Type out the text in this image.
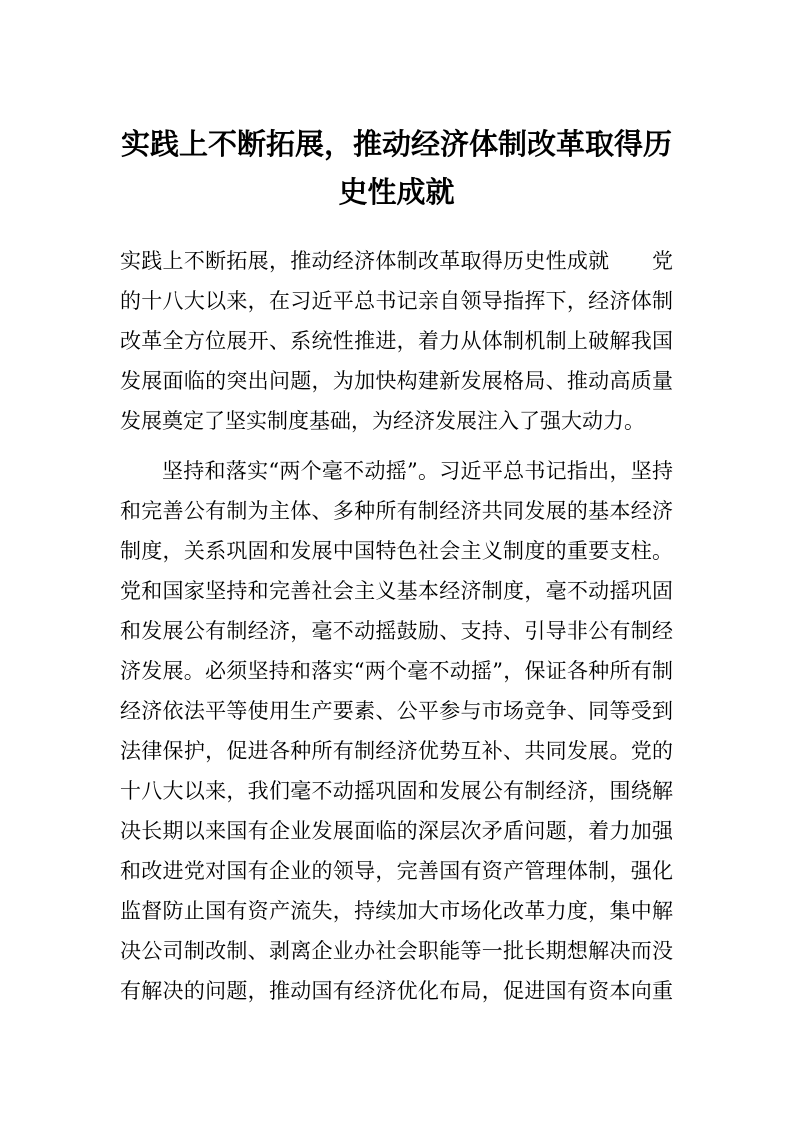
实践上不断拓展，推动经济体制改革取得历
史性成就
实践上不断拓展，推动经济体制改革取得历史性成就　　党
的十八大以来，在习近平总书记亲自领导指挥下，经济体制
改革全方位展开、系统性推进，着力从体制机制上破解我国
发展面临的突出问题，为加快构建新发展格局、推动高质量
发展奠定了坚实制度基础，为经济发展注入了强大动力。
坚持和落实“两个毫不动摇”。习近平总书记指出，坚持
和完善公有制为主体、多种所有制经济共同发展的基本经济
制度，关系巩固和发展中国特色社会主义制度的重要支柱。
党和国家坚持和完善社会主义基本经济制度，毫不动摇巩固
和发展公有制经济，毫不动摇鼓励、支持、引导非公有制经
济发展。必须坚持和落实“两个毫不动摇”，保证各种所有制
经济依法平等使用生产要素、公平参与市场竞争、同等受到
法律保护，促进各种所有制经济优势互补、共同发展。党的
十八大以来，我们毫不动摇巩固和发展公有制经济，围绕解
决长期以来国有企业发展面临的深层次矛盾问题，着力加强
和改进党对国有企业的领导，完善国有资产管理体制，强化
监督防止国有资产流失，持续加大市场化改革力度，集中解
决公司制改制、剥离企业办社会职能等一批长期想解决而没
有解决的问题，推动国有经济优化布局，促进国有资本向重
